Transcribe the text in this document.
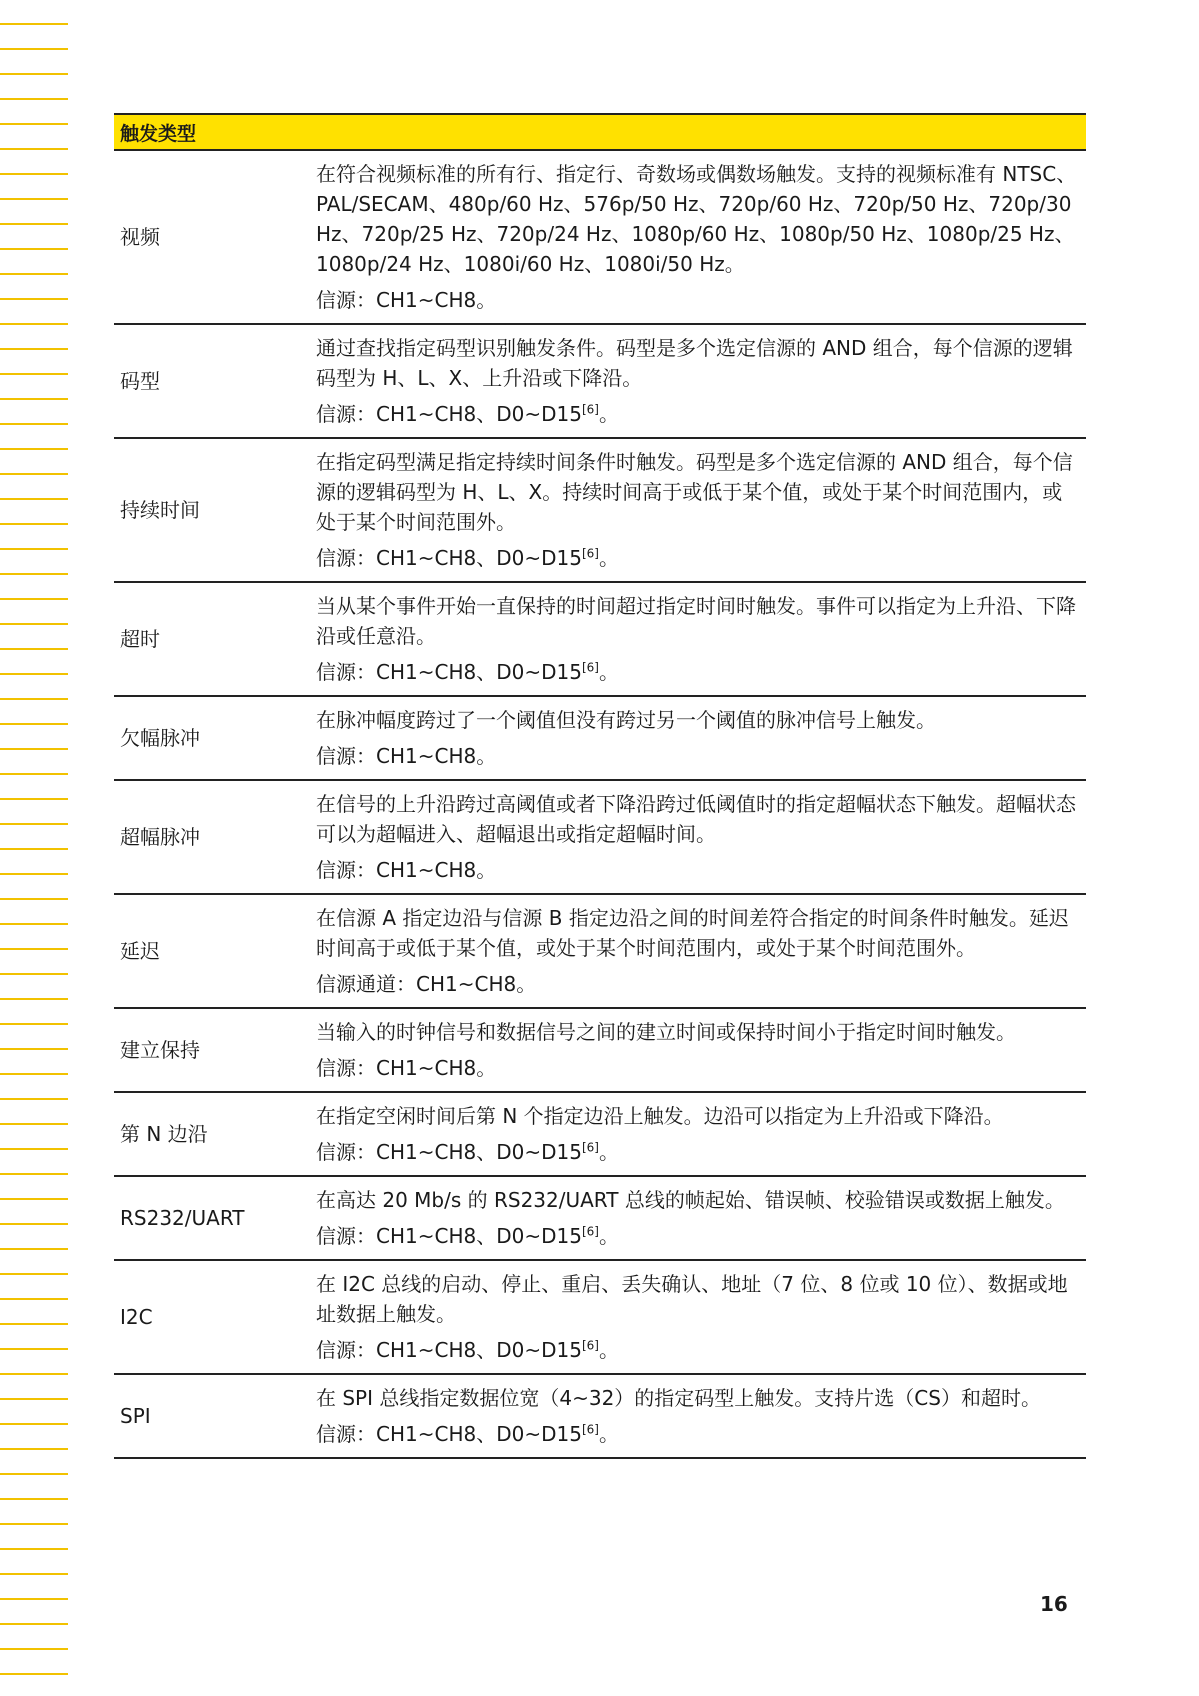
触发类型	
视频	在符合视频标准的所有行、指定行、奇数场或偶数场触发。支持的视频标准有 NTSC、PAL/SECAM、480p/60 Hz、576p/50 Hz、720p/60 Hz、720p/50 Hz、720p/30 Hz、720p/25 Hz、720p/24 Hz、1080p/60 Hz、1080p/50 Hz、1080p/25 Hz、1080p/24 Hz、1080i/60 Hz、1080i/50 Hz。

信源：CH1~CH8。

码型	通过查找指定码型识别触发条件。码型是多个选定信源的 AND 组合，每个信源的逻辑码型为 H、L、X、上升沿或下降沿。

信源：CH1~CH8、D0~D15[6]。

持续时间	在指定码型满足指定持续时间条件时触发。码型是多个选定信源的 AND 组合，每个信源的逻辑码型为 H、L、X。持续时间高于或低于某个值，或处于某个时间范围内，或处于某个时间范围外。

信源：CH1~CH8、D0~D15[6]。

超时	当从某个事件开始一直保持的时间超过指定时间时触发。事件可以指定为上升沿、下降沿或任意沿。

信源：CH1~CH8、D0~D15[6]。

欠幅脉冲	在脉冲幅度跨过了一个阈值但没有跨过另一个阈值的脉冲信号上触发。

信源：CH1~CH8。

超幅脉冲	在信号的上升沿跨过高阈值或者下降沿跨过低阈值时的指定超幅状态下触发。超幅状态可以为超幅进入、超幅退出或指定超幅时间。

信源：CH1~CH8。

延迟	在信源 A 指定边沿与信源 B 指定边沿之间的时间差符合指定的时间条件时触发。延迟时间高于或低于某个值，或处于某个时间范围内，或处于某个时间范围外。

信源通道：CH1~CH8。

建立保持	当输入的时钟信号和数据信号之间的建立时间或保持时间小于指定时间时触发。

信源：CH1~CH8。

第 N 边沿	在指定空闲时间后第 N 个指定边沿上触发。边沿可以指定为上升沿或下降沿。

信源：CH1~CH8、D0~D15[6]。

RS232/UART	在高达 20 Mb/s 的 RS232/UART 总线的帧起始、错误帧、校验错误或数据上触发。

信源：CH1~CH8、D0~D15[6]。

I2C	在 I2C 总线的启动、停止、重启、丢失确认、地址（7 位、8 位或 10 位）、数据或地址数据上触发。

信源：CH1~CH8、D0~D15[6]。

SPI	在 SPI 总线指定数据位宽（4~32）的指定码型上触发。支持片选（CS）和超时。

信源：CH1~CH8、D0~D15[6]。

16
